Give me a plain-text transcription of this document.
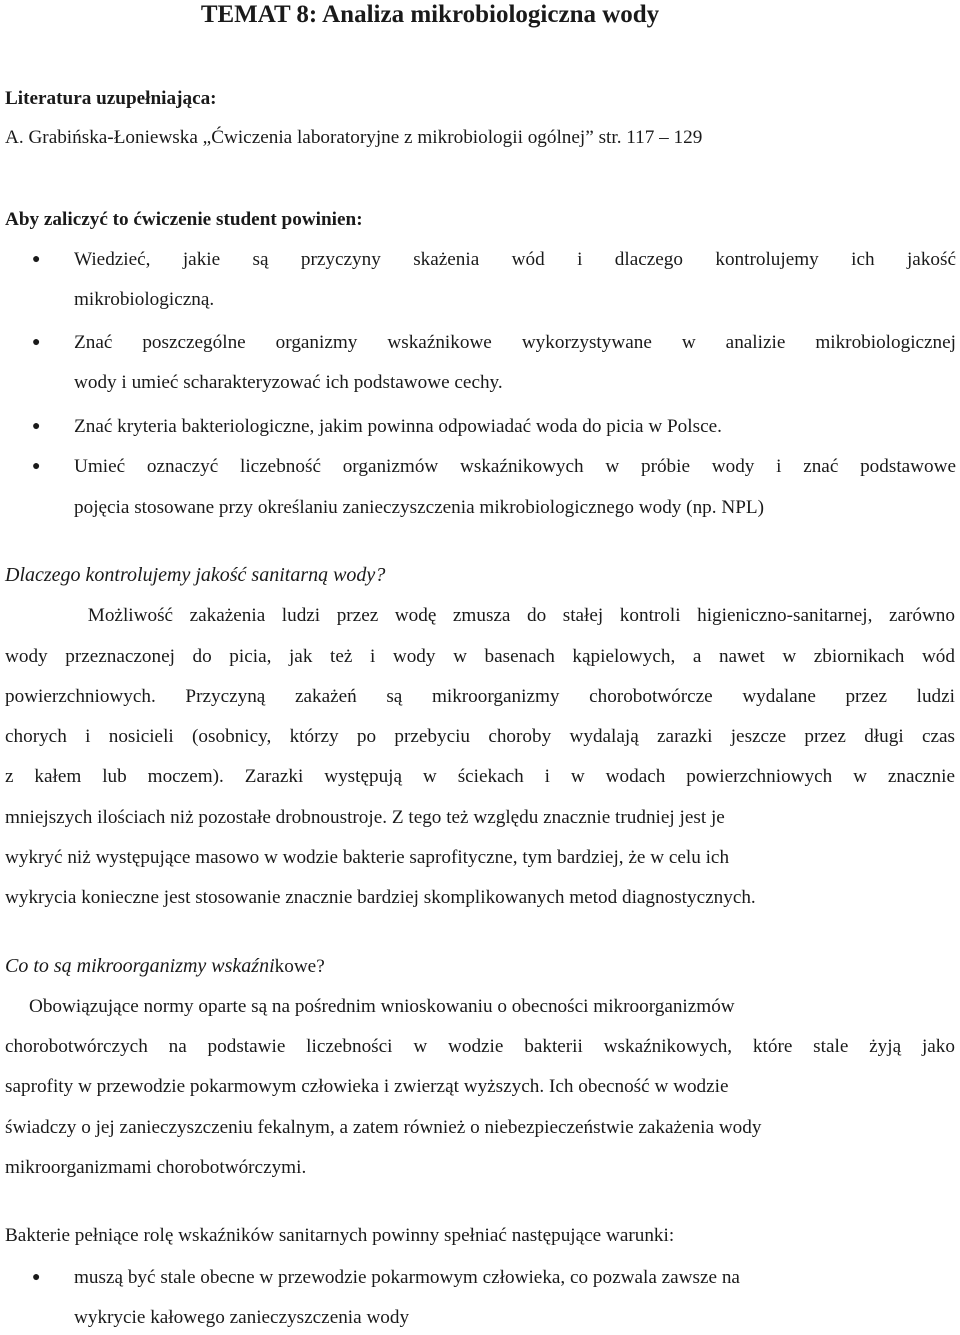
TEMAT 8: Analiza mikrobiologiczna wody
Literatura uzupełniająca:
A. Grabińska-Łoniewska „Ćwiczenia laboratoryjne z mikrobiologii ogólnej” str. 117 – 129
Aby zaliczyć to ćwiczenie student powinien:
● Wiedzieć, jakie są przyczyny skażenia wód i dlaczego kontrolujemy ich jakość
mikrobiologiczną.
● Znać poszczególne organizmy wskaźnikowe wykorzystywane w analizie mikrobiologicznej
wody i umieć scharakteryzować ich podstawowe cechy.
● Znać kryteria bakteriologiczne, jakim powinna odpowiadać woda do picia w Polsce.
● Umieć oznaczyć liczebność organizmów wskaźnikowych w próbie wody i znać podstawowe
pojęcia stosowane przy określaniu zanieczyszczenia mikrobiologicznego wody (np. NPL)
Dlaczego kontrolujemy jakość sanitarną wody?
Możliwość zakażenia ludzi przez wodę zmusza do stałej kontroli higieniczno-sanitarnej, zarówno
wody przeznaczonej do picia, jak też i wody w basenach kąpielowych, a nawet w zbiornikach wód
powierzchniowych. Przyczyną zakażeń są mikroorganizmy chorobotwórcze wydalane przez ludzi
chorych i nosicieli (osobnicy, którzy po przebyciu choroby wydalają zarazki jeszcze przez długi czas
z kałem lub moczem). Zarazki występują w ściekach i w wodach powierzchniowych w znacznie
mniejszych ilościach niż pozostałe drobnoustroje. Z tego też względu znacznie trudniej jest je
wykryć niż występujące masowo w wodzie bakterie saprofityczne, tym bardziej, że w celu ich
wykrycia konieczne jest stosowanie znacznie bardziej skomplikowanych metod diagnostycznych.
Co to są mikroorganizmy wskaźnikowe?
Obowiązujące normy oparte są na pośrednim wnioskowaniu o obecności mikroorganizmów
chorobotwórczych na podstawie liczebności w wodzie bakterii wskaźnikowych, które stale żyją jako
saprofity w przewodzie pokarmowym człowieka i zwierząt wyższych. Ich obecność w wodzie
świadczy o jej zanieczyszczeniu fekalnym, a zatem również o niebezpieczeństwie zakażenia wody
mikroorganizmami chorobotwórczymi.
Bakterie pełniące rolę wskaźników sanitarnych powinny spełniać następujące warunki:
● muszą być stale obecne w przewodzie pokarmowym człowieka, co pozwala zawsze na
wykrycie kałowego zanieczyszczenia wody
